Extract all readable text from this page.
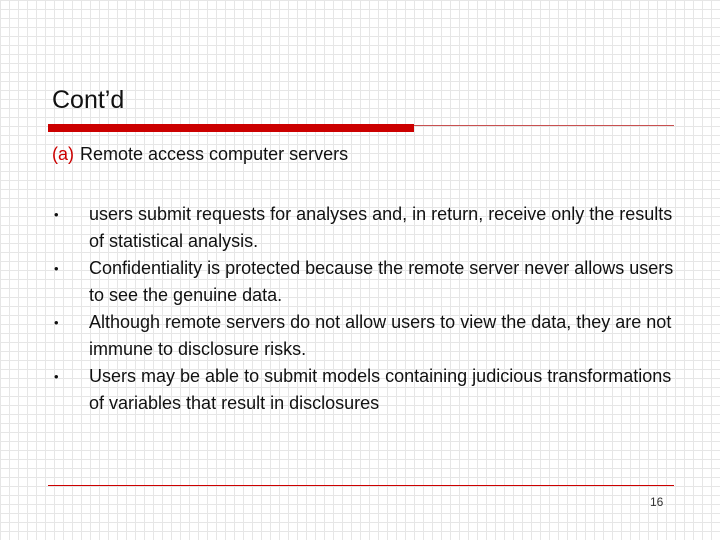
Cont’d
(a) Remote access computer servers
• users submit requests for analyses and, in return, receive only the results of statistical analysis.
• Confidentiality is protected because the remote server never allows users to see the genuine data.
• Although remote servers do not allow users to view the data, they are not immune to disclosure risks.
• Users may be able to submit models containing judicious transformations of variables that result in disclosures
16
